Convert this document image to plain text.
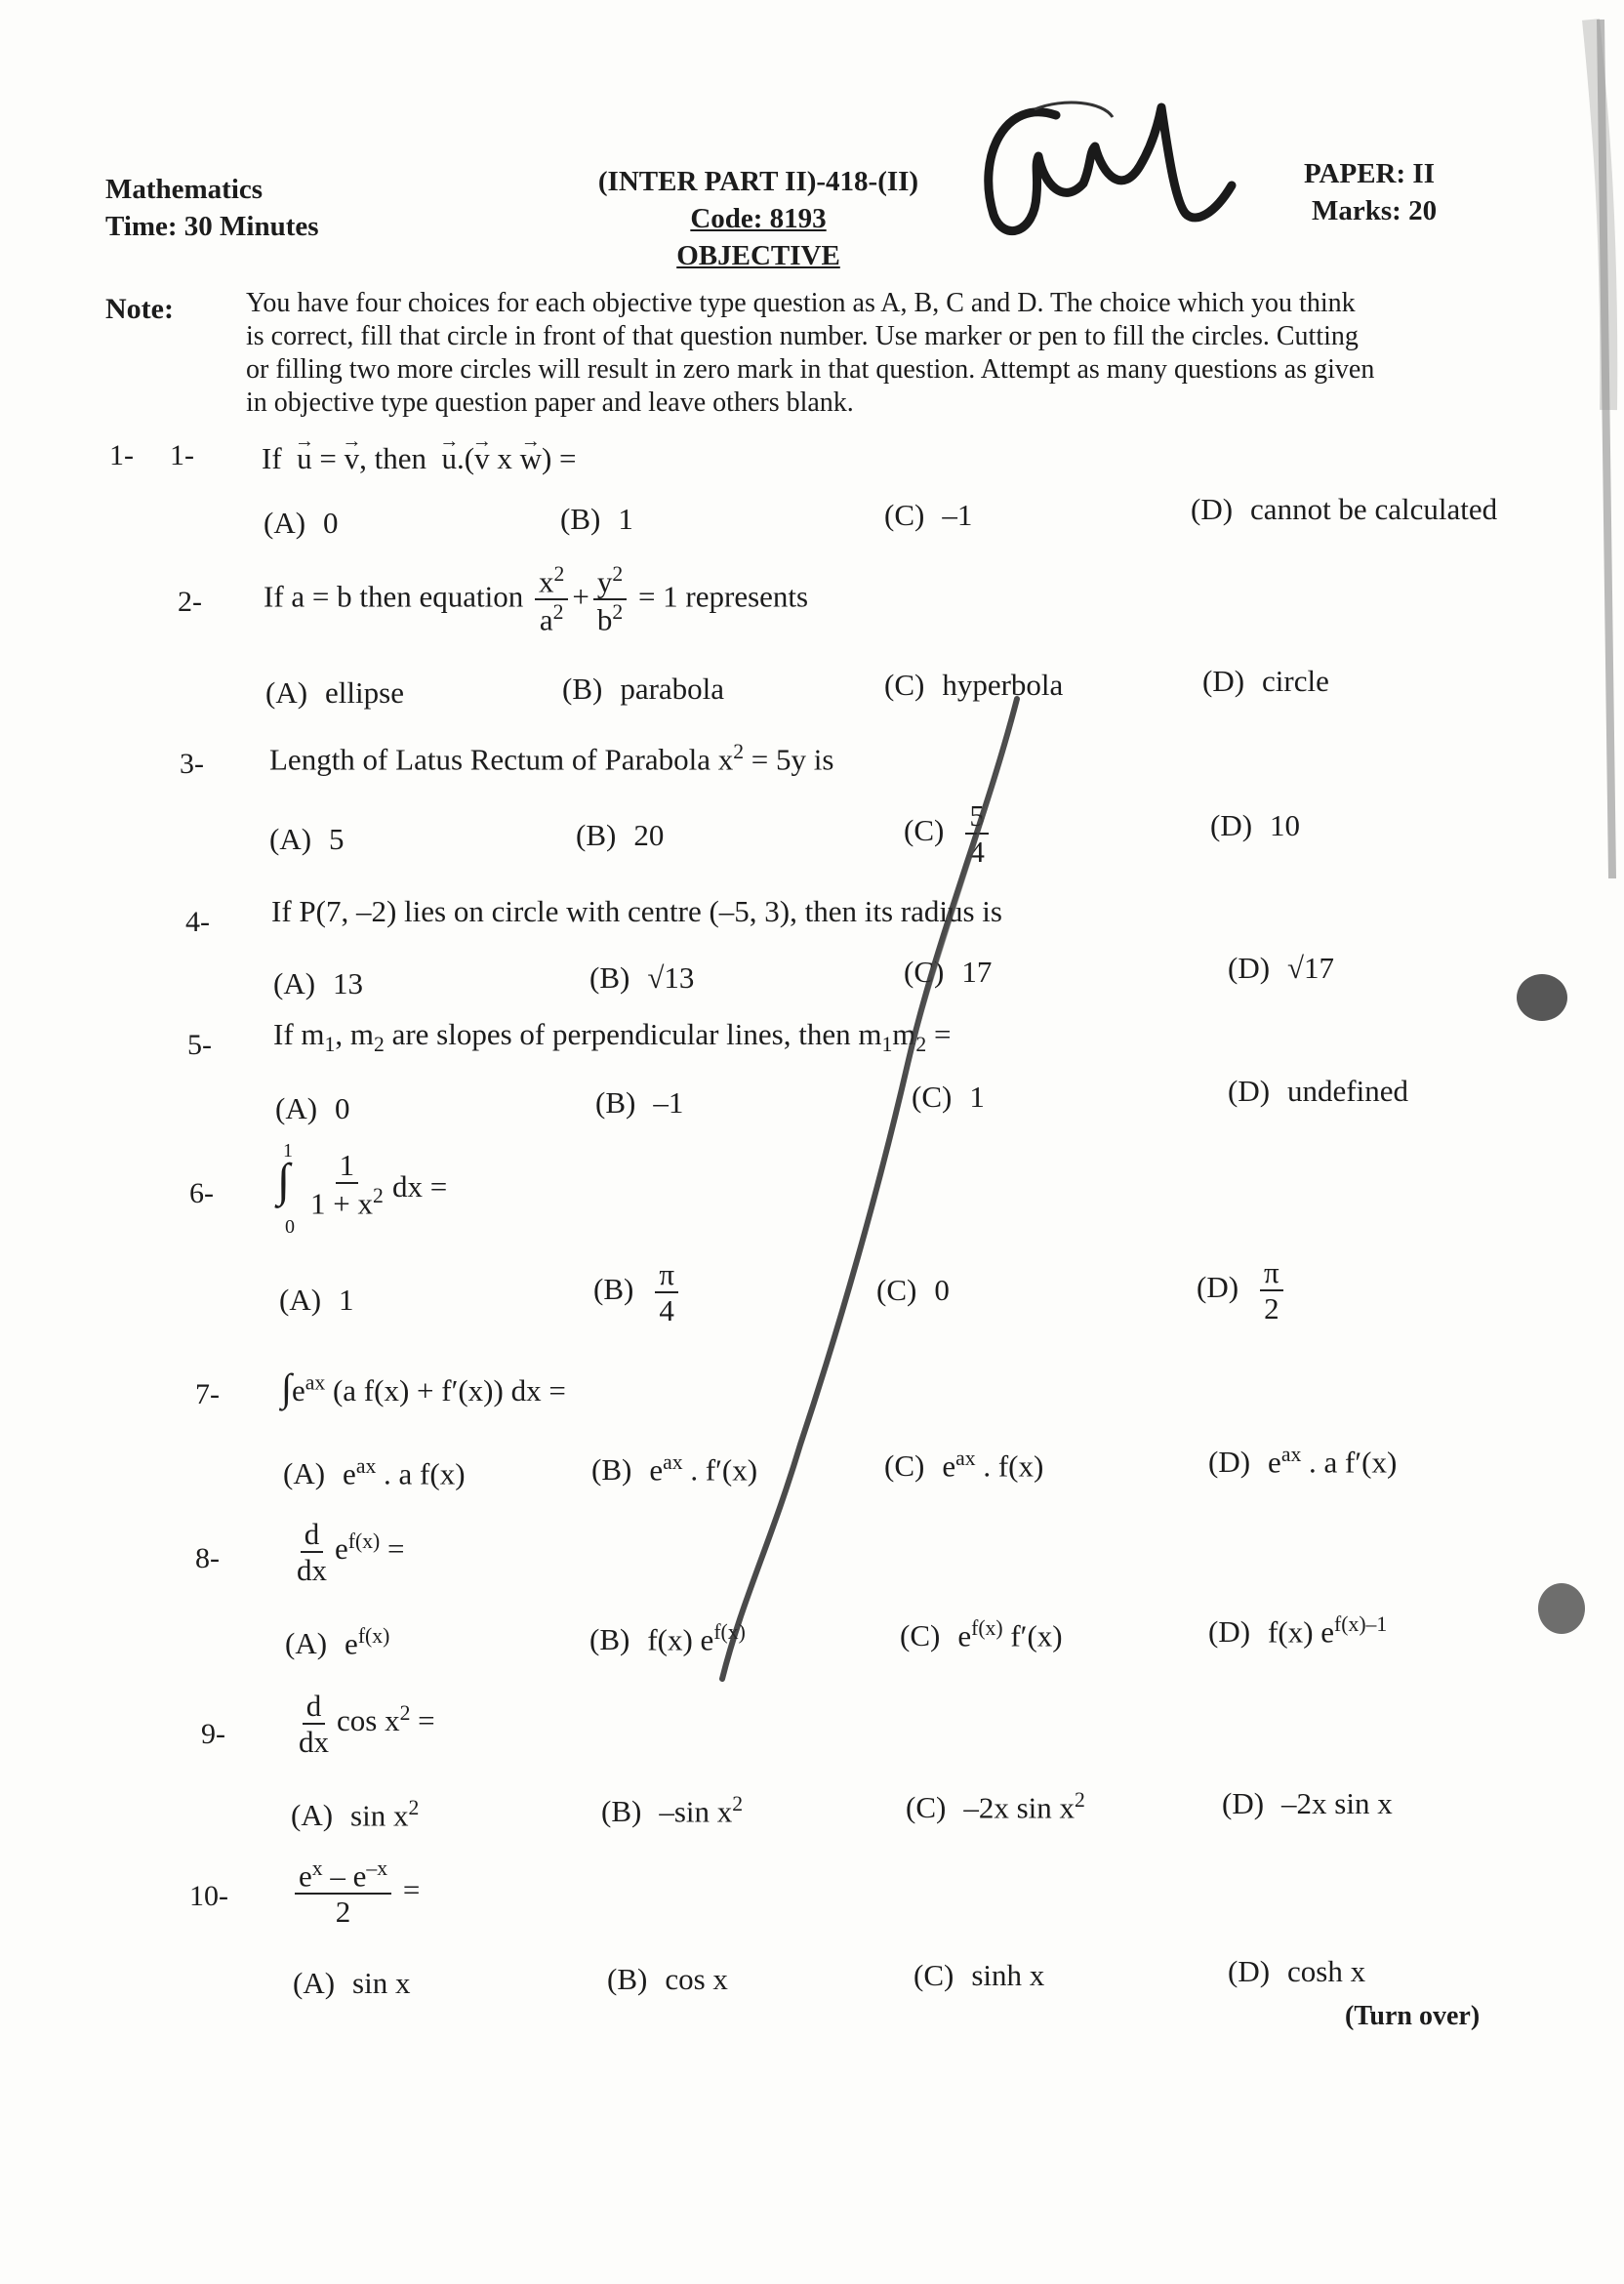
Mathematics
Time: 30 Minutes
(INTER PART II)-418-(II)
Code: 8193
OBJECTIVE
PAPER: II
Marks: 20
Note:	You have four choices for each objective type question as A, B, C and D. The choice which you think
is correct, fill that circle in front of that question number. Use marker or pen to fill the circles. Cutting
or filling two more circles will result in zero mark in that question. Attempt as many questions as given
in objective type question paper and leave others blank.
1- 1- If → u = → v, then → u.(→ v x → w) =
(A) 0	(B) 1	(C) –1	(D) cannot be calculated
2- If a = b then equation $\frac{x^2}{a^2} + \frac{y^2}{b^2} = 1$ represents
(A) ellipse	(B) parabola	(C) hyperbola	(D) circle
3- Length of Latus Rectum of Parabola $x^2 = 5y$ is
(A) 5	(B) 20	$(C) \frac{5}{4}$	(D) 10
4- If P(7, –2) lies on circle with centre (–5, 3), then its radius is
(A) 13	(B) √13	(C) 17	(D) √17
5- If $m_1$, $m_2$ are slopes of perpendicular lines, then $m_1m_2$ =
(A) 0	(B) –1	(C) 1	(D) undefined
6-
1
∫
0
$\frac{1}{1 + x^2}$ dx =
(A) 1	$(B) \frac{\pi}{4}$	(C) 0	$(D) \frac{\pi}{2}$
7- $\int e^{ax}$ (a f(x) + f′(x)) dx =
(A) $e^{ax}$ . a f(x)	(B) $e^{ax}$ . f′(x)	(C) $e^{ax}$ . f(x)	(D) $e^{ax}$ . a f′(x)
$8- \frac{d}{dx} e^{f(x)}$ =
(A) $e^{f(x)}$	(B) f(x) $e^{f(x)}$	(C) $e^{f(x)}$ f′(x)	(D) f(x) $e^{f(x)-1}$
$9- \frac{d}{dx}$ $\cos x^2$ =
(A) $\sin x^2$	(B) –sin $x^2$	(C) –2x $\sin x^2$	(D) –2x sin x
$10- \frac{e^x - e^{-x}}{2}$ =
(A) sin x	(B) cos x	(C) sinh x	(D) cosh x
(Turn over)
